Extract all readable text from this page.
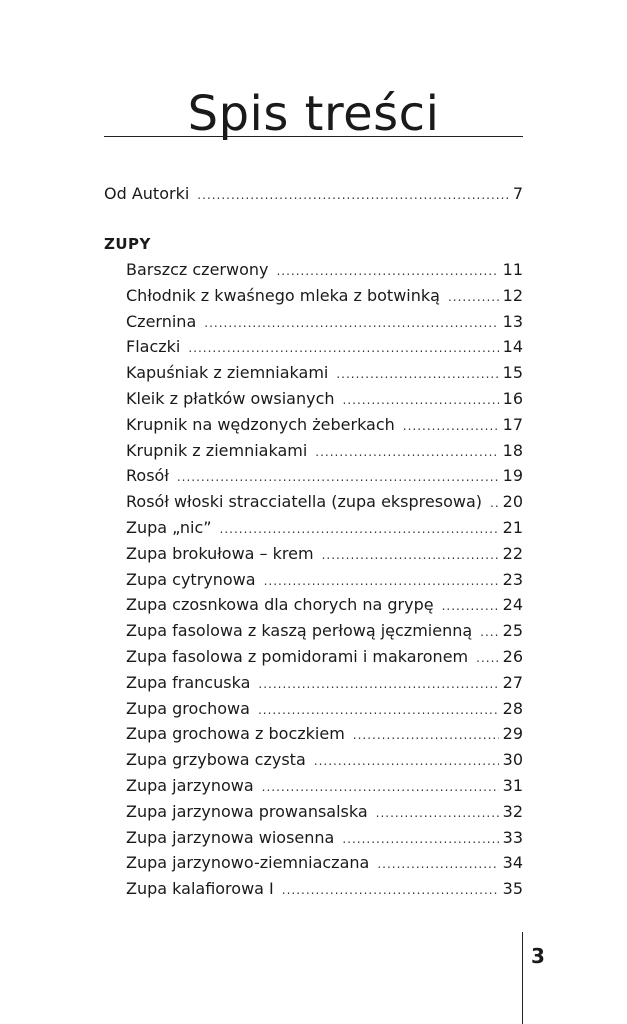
Spis treści
Od Autorki .....	7
ZUPY
Barszcz czerwony .....	11
Chłodnik z kwaśnego mleka z botwinką .....	12
Czernina .....	13
Flaczki .....	14
Kapuśniak z ziemniakami .....	15
Kleik z płatków owsianych .....	16
Krupnik na wędzonych żeberkach .....	17
Krupnik z ziemniakami .....	18
Rosół .....	19
Rosół włoski stracciatella (zupa ekspresowa) ..... 20
Zupa „nic” .....	21
Zupa brokułowa – krem .....	22
Zupa cytrynowa .....	23
Zupa czosnkowa dla chorych na grypę .....	24
Zupa fasolowa z kaszą perłową jęczmienną ..... 25
Zupa fasolowa z pomidorami i makaronem ..... 26
Zupa francuska .....	27
Zupa grochowa .....	28
Zupa grochowa z boczkiem .....	29
Zupa grzybowa czysta .....	30
Zupa jarzynowa .....	31
Zupa jarzynowa prowansalska .....	32
Zupa jarzynowa wiosenna .....	33
Zupa jarzynowo-ziemniaczana .....	34
Zupa kalafiorowa I .....	35
3
